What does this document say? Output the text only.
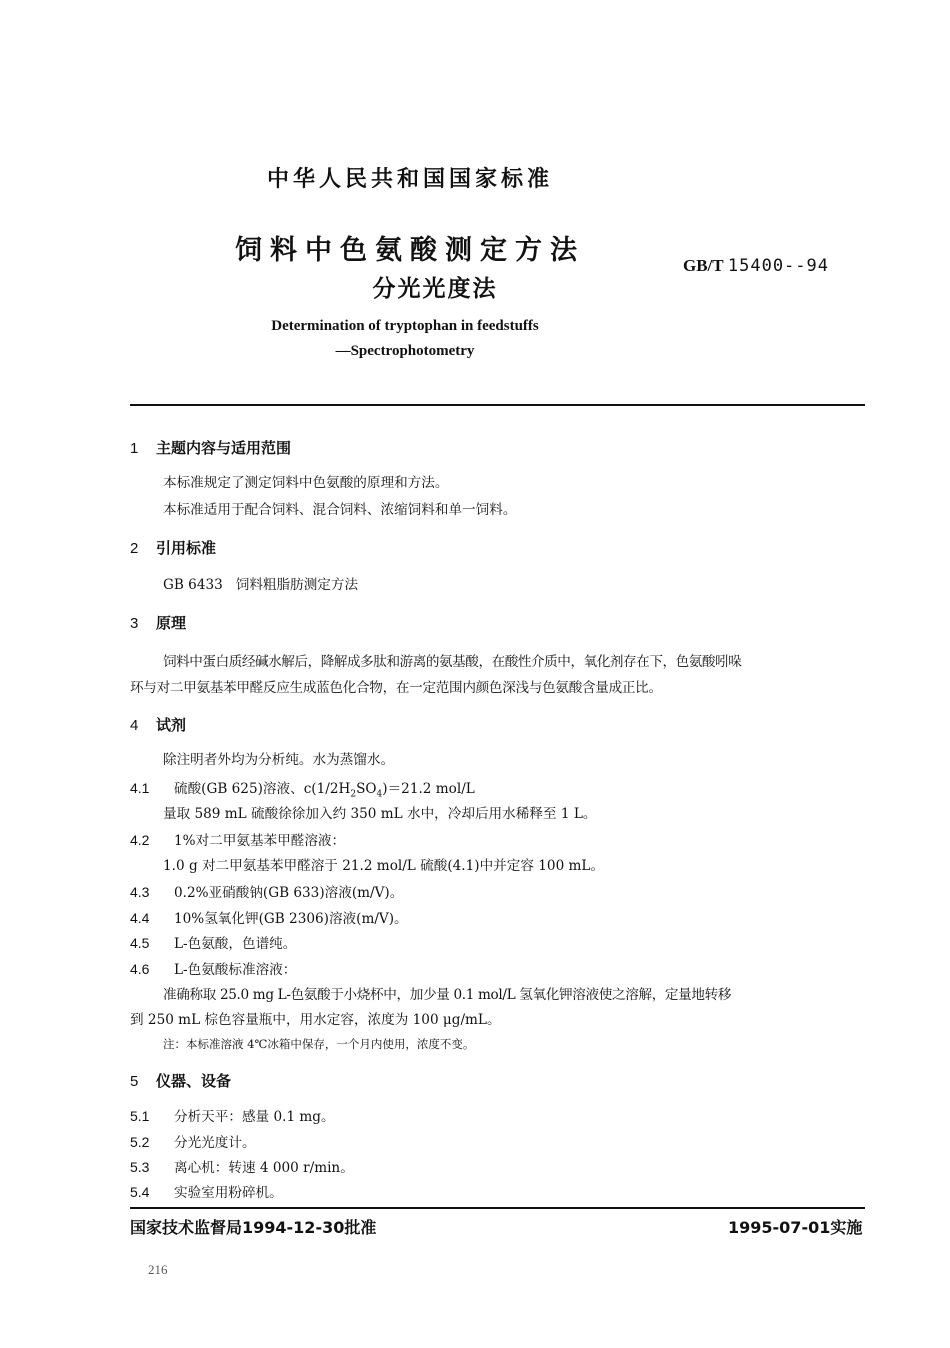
中华人民共和国国家标准
饲料中色氨酸测定方法
分光光度法
GB/T 15400--94
Determination of tryptophan in feedstuffs
—Spectrophotometry
1 主题内容与适用范围
本标准规定了测定饲料中色氨酸的原理和方法。
本标准适用于配合饲料、混合饲料、浓缩饲料和单一饲料。
2 引用标准
GB 6433   饲料粗脂肪测定方法
3 原理
饲料中蛋白质经碱水解后，降解成多肽和游离的氨基酸，在酸性介质中，氧化剂存在下，色氨酸吲哚
环与对二甲氨基苯甲醛反应生成蓝色化合物，在一定范围内颜色深浅与色氨酸含量成正比。
4 试剂
除注明者外均为分析纯。水为蒸馏水。
4.1 硫酸(GB 625)溶液、$c(1/2H_2SO_4)=21.2$ mol/L
量取 589 mL 硫酸徐徐加入约 350 mL 水中，冷却后用水稀释至 1 L。
4.2 1%对二甲氨基苯甲醛溶液：
1.0 g 对二甲氨基苯甲醛溶于 21.2 mol/L 硫酸(4.1)中并定容 100 mL。
4.3 0.2%亚硝酸钠(GB 633)溶液(m/V)。
4.4 10%氢氧化钾(GB 2306)溶液(m/V)。
4.5 L-色氨酸，色谱纯。
4.6 L-色氨酸标准溶液：
准确称取 25.0 mg L-色氨酸于小烧杯中，加少量 0.1 mol/L 氢氧化钾溶液使之溶解，定量地转移
到 250 mL 棕色容量瓶中，用水定容，浓度为 100 μg/mL。
注：本标准溶液 4℃冰箱中保存，一个月内使用，浓度不变。
5 仪器、设备
5.1 分析天平：感量 0.1 mg。
5.2 分光光度计。
5.3 离心机：转速 4 000 r/min。
5.4 实验室用粉碎机。
国家技术监督局1994-12-30批准	1995-07-01实施
216
